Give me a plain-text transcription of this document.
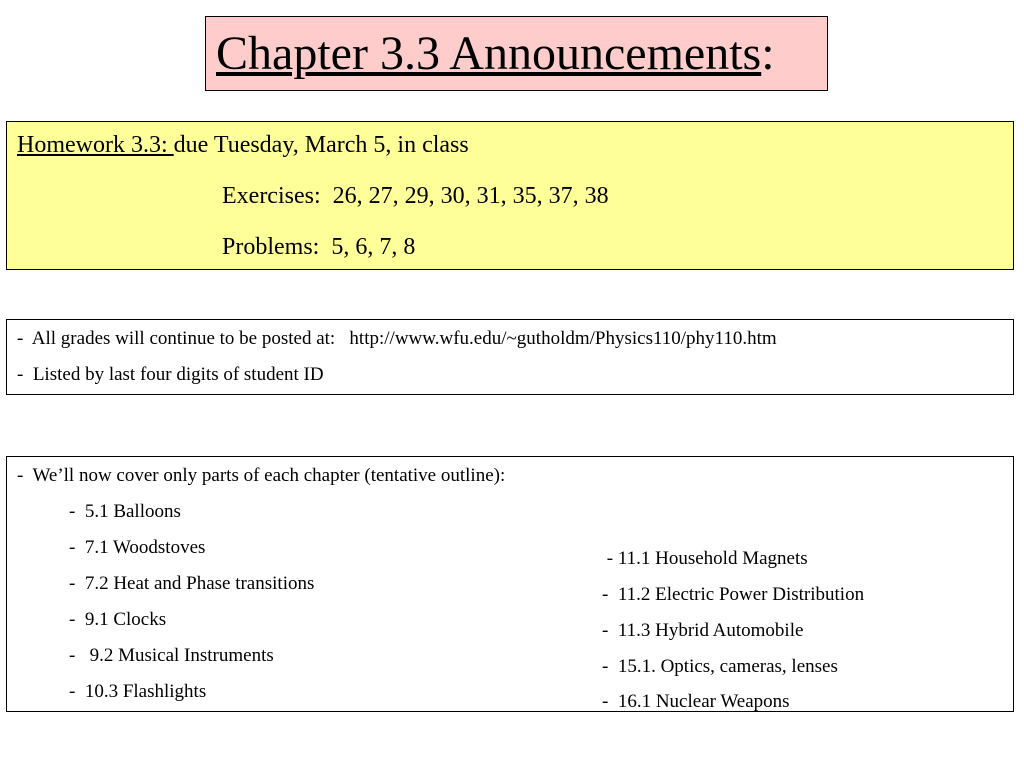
Chapter 3.3 Announcements:
Homework 3.3: due Tuesday, March 5, in class
Exercises:  26, 27, 29, 30, 31, 35, 37, 38
Problems:  5, 6, 7, 8
-  All grades will continue to be posted at:   http://www.wfu.edu/~gutholdm/Physics110/phy110.htm
-  Listed by last four digits of student ID
-  We’ll now cover only parts of each chapter (tentative outline):
-  5.1 Balloons
-  7.1 Woodstoves
-  7.2 Heat and Phase transitions
-  9.1 Clocks
-   9.2 Musical Instruments
-  10.3 Flashlights
- 11.1 Household Magnets
-  11.2 Electric Power Distribution
-  11.3 Hybrid Automobile
-  15.1. Optics, cameras, lenses
-  16.1 Nuclear Weapons
